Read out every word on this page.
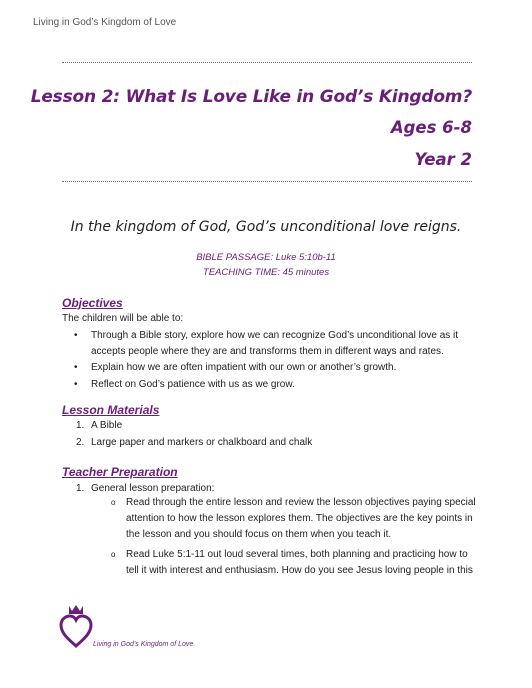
Living in God’s Kingdom of Love
Lesson 2: What Is Love Like in God’s Kingdom?
Ages 6-8
Year 2
In the kingdom of God, God’s unconditional love reigns.
BIBLE PASSAGE: Luke 5:10b-11
TEACHING TIME: 45 minutes
Objectives
The children will be able to:
• Through a Bible story, explore how we can recognize God’s unconditional love as it accepts people where they are and transforms them in different ways and rates.
• Explain how we are often impatient with our own or another’s growth.
• Reflect on God’s patience with us as we grow.
Lesson Materials
1. A Bible
2. Large paper and markers or chalkboard and chalk
Teacher Preparation
1. General lesson preparation:
o Read through the entire lesson and review the lesson objectives paying special attention to how the lesson explores them. The objectives are the key points in the lesson and you should focus on them when you teach it.
o Read Luke 5:1-11 out loud several times, both planning and practicing how to tell it with interest and enthusiasm. How do you see Jesus loving people in this
Living in God’s Kingdom of Love
